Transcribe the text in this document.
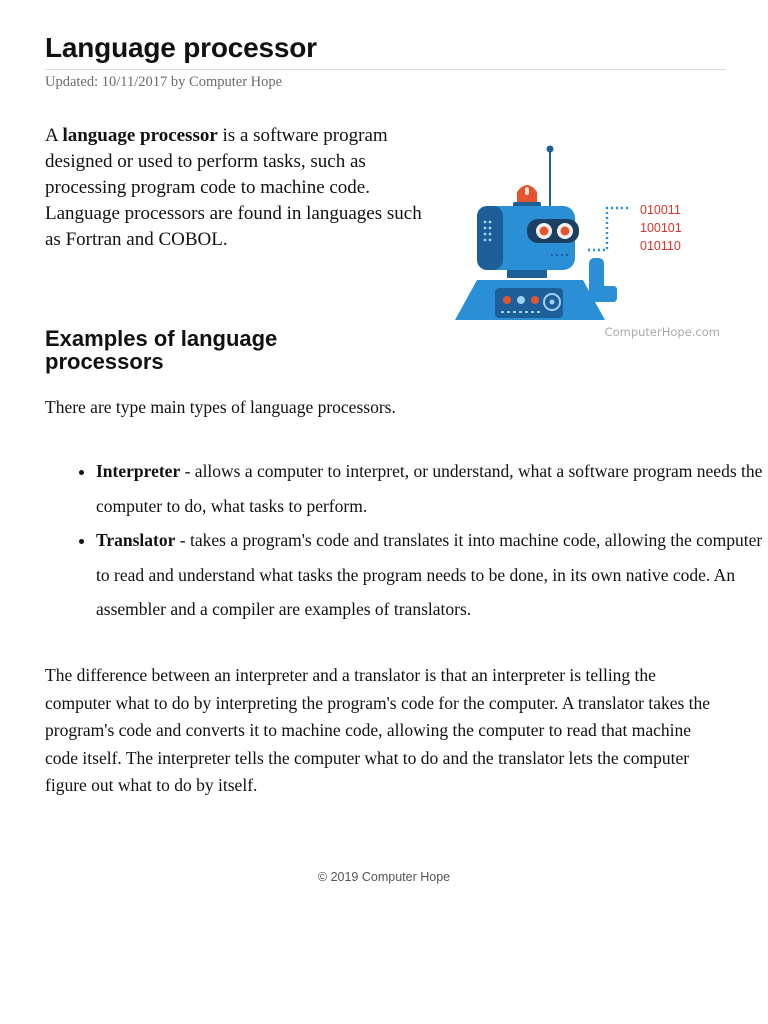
Language processor
Updated: 10/11/2017 by Computer Hope

A language processor is a software program designed or used to perform tasks, such as processing program code to machine code. Language processors are found in languages such as Fortran and COBOL.

010011
100101
010110
ComputerHope.com
Examples of language processors

There are type main types of language processors.

• Interpreter - allows a computer to interpret, or understand, what a software program needs the computer to do, what tasks to perform.
• Translator - takes a program's code and translates it into machine code, allowing the computer to read and understand what tasks the program needs to be done, in its own native code. An assembler and a compiler are examples of translators.

The difference between an interpreter and a translator is that an interpreter is telling the computer what to do by interpreting the program's code for the computer. A translator takes the program's code and converts it to machine code, allowing the computer to read that machine code itself. The interpreter tells the computer what to do and the translator lets the computer figure out what to do by itself.

© 2019 Computer Hope
